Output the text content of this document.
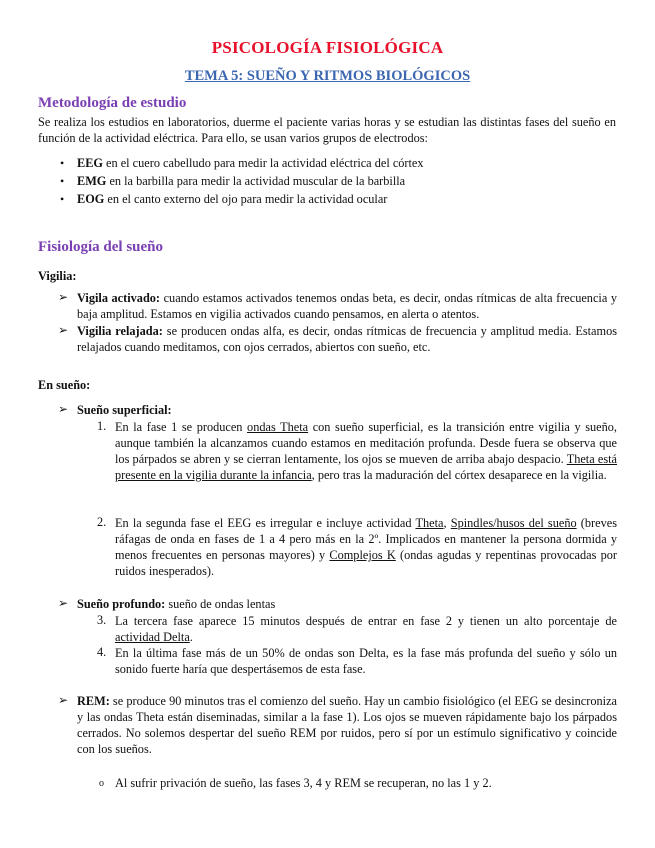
PSICOLOGÍA FISIOLÓGICA
TEMA 5: SUEÑO Y RITMOS BIOLÓGICOS
Metodología de estudio
Se realiza los estudios en laboratorios, duerme el paciente varias horas y se estudian las distintas fases del sueño en función de la actividad eléctrica. Para ello, se usan varios grupos de electrodos:
• EEG en el cuero cabelludo para medir la actividad eléctrica del córtex
• EMG en la barbilla para medir la actividad muscular de la barbilla
• EOG en el canto externo del ojo para medir la actividad ocular
Fisiología del sueño
Vigilia:
➢ Vigila activado: cuando estamos activados tenemos ondas beta, es decir, ondas rítmicas de alta frecuencia y baja amplitud. Estamos en vigilia activados cuando pensamos, en alerta o atentos.
➢ Vigilia relajada: se producen ondas alfa, es decir, ondas rítmicas de frecuencia y amplitud media. Estamos relajados cuando meditamos, con ojos cerrados, abiertos con sueño, etc.
En sueño:
➢ Sueño superficial:
1. En la fase 1 se producen ondas Theta con sueño superficial, es la transición entre vigilia y sueño, aunque también la alcanzamos cuando estamos en meditación profunda. Desde fuera se observa que los párpados se abren y se cierran lentamente, los ojos se mueven de arriba abajo despacio. Theta está presente en la vigilia durante la infancia, pero tras la maduración del córtex desaparece en la vigilia.
2. En la segunda fase el EEG es irregular e incluye actividad Theta, Spindles/husos del sueño (breves ráfagas de onda en fases de 1 a 4 pero más en la 2º. Implicados en mantener la persona dormida y menos frecuentes en personas mayores) y Complejos K (ondas agudas y repentinas provocadas por ruidos inesperados).
➢ Sueño profundo: sueño de ondas lentas
3. La tercera fase aparece 15 minutos después de entrar en fase 2 y tienen un alto porcentaje de actividad Delta.
4. En la última fase más de un 50% de ondas son Delta, es la fase más profunda del sueño y sólo un sonido fuerte haría que despertásemos de esta fase.
➢ REM: se produce 90 minutos tras el comienzo del sueño. Hay un cambio fisiológico (el EEG se desincroniza y las ondas Theta están diseminadas, similar a la fase 1). Los ojos se mueven rápidamente bajo los párpados cerrados. No solemos despertar del sueño REM por ruidos, pero sí por un estímulo significativo y coincide con los sueños.
o Al sufrir privación de sueño, las fases 3, 4 y REM se recuperan, no las 1 y 2.
